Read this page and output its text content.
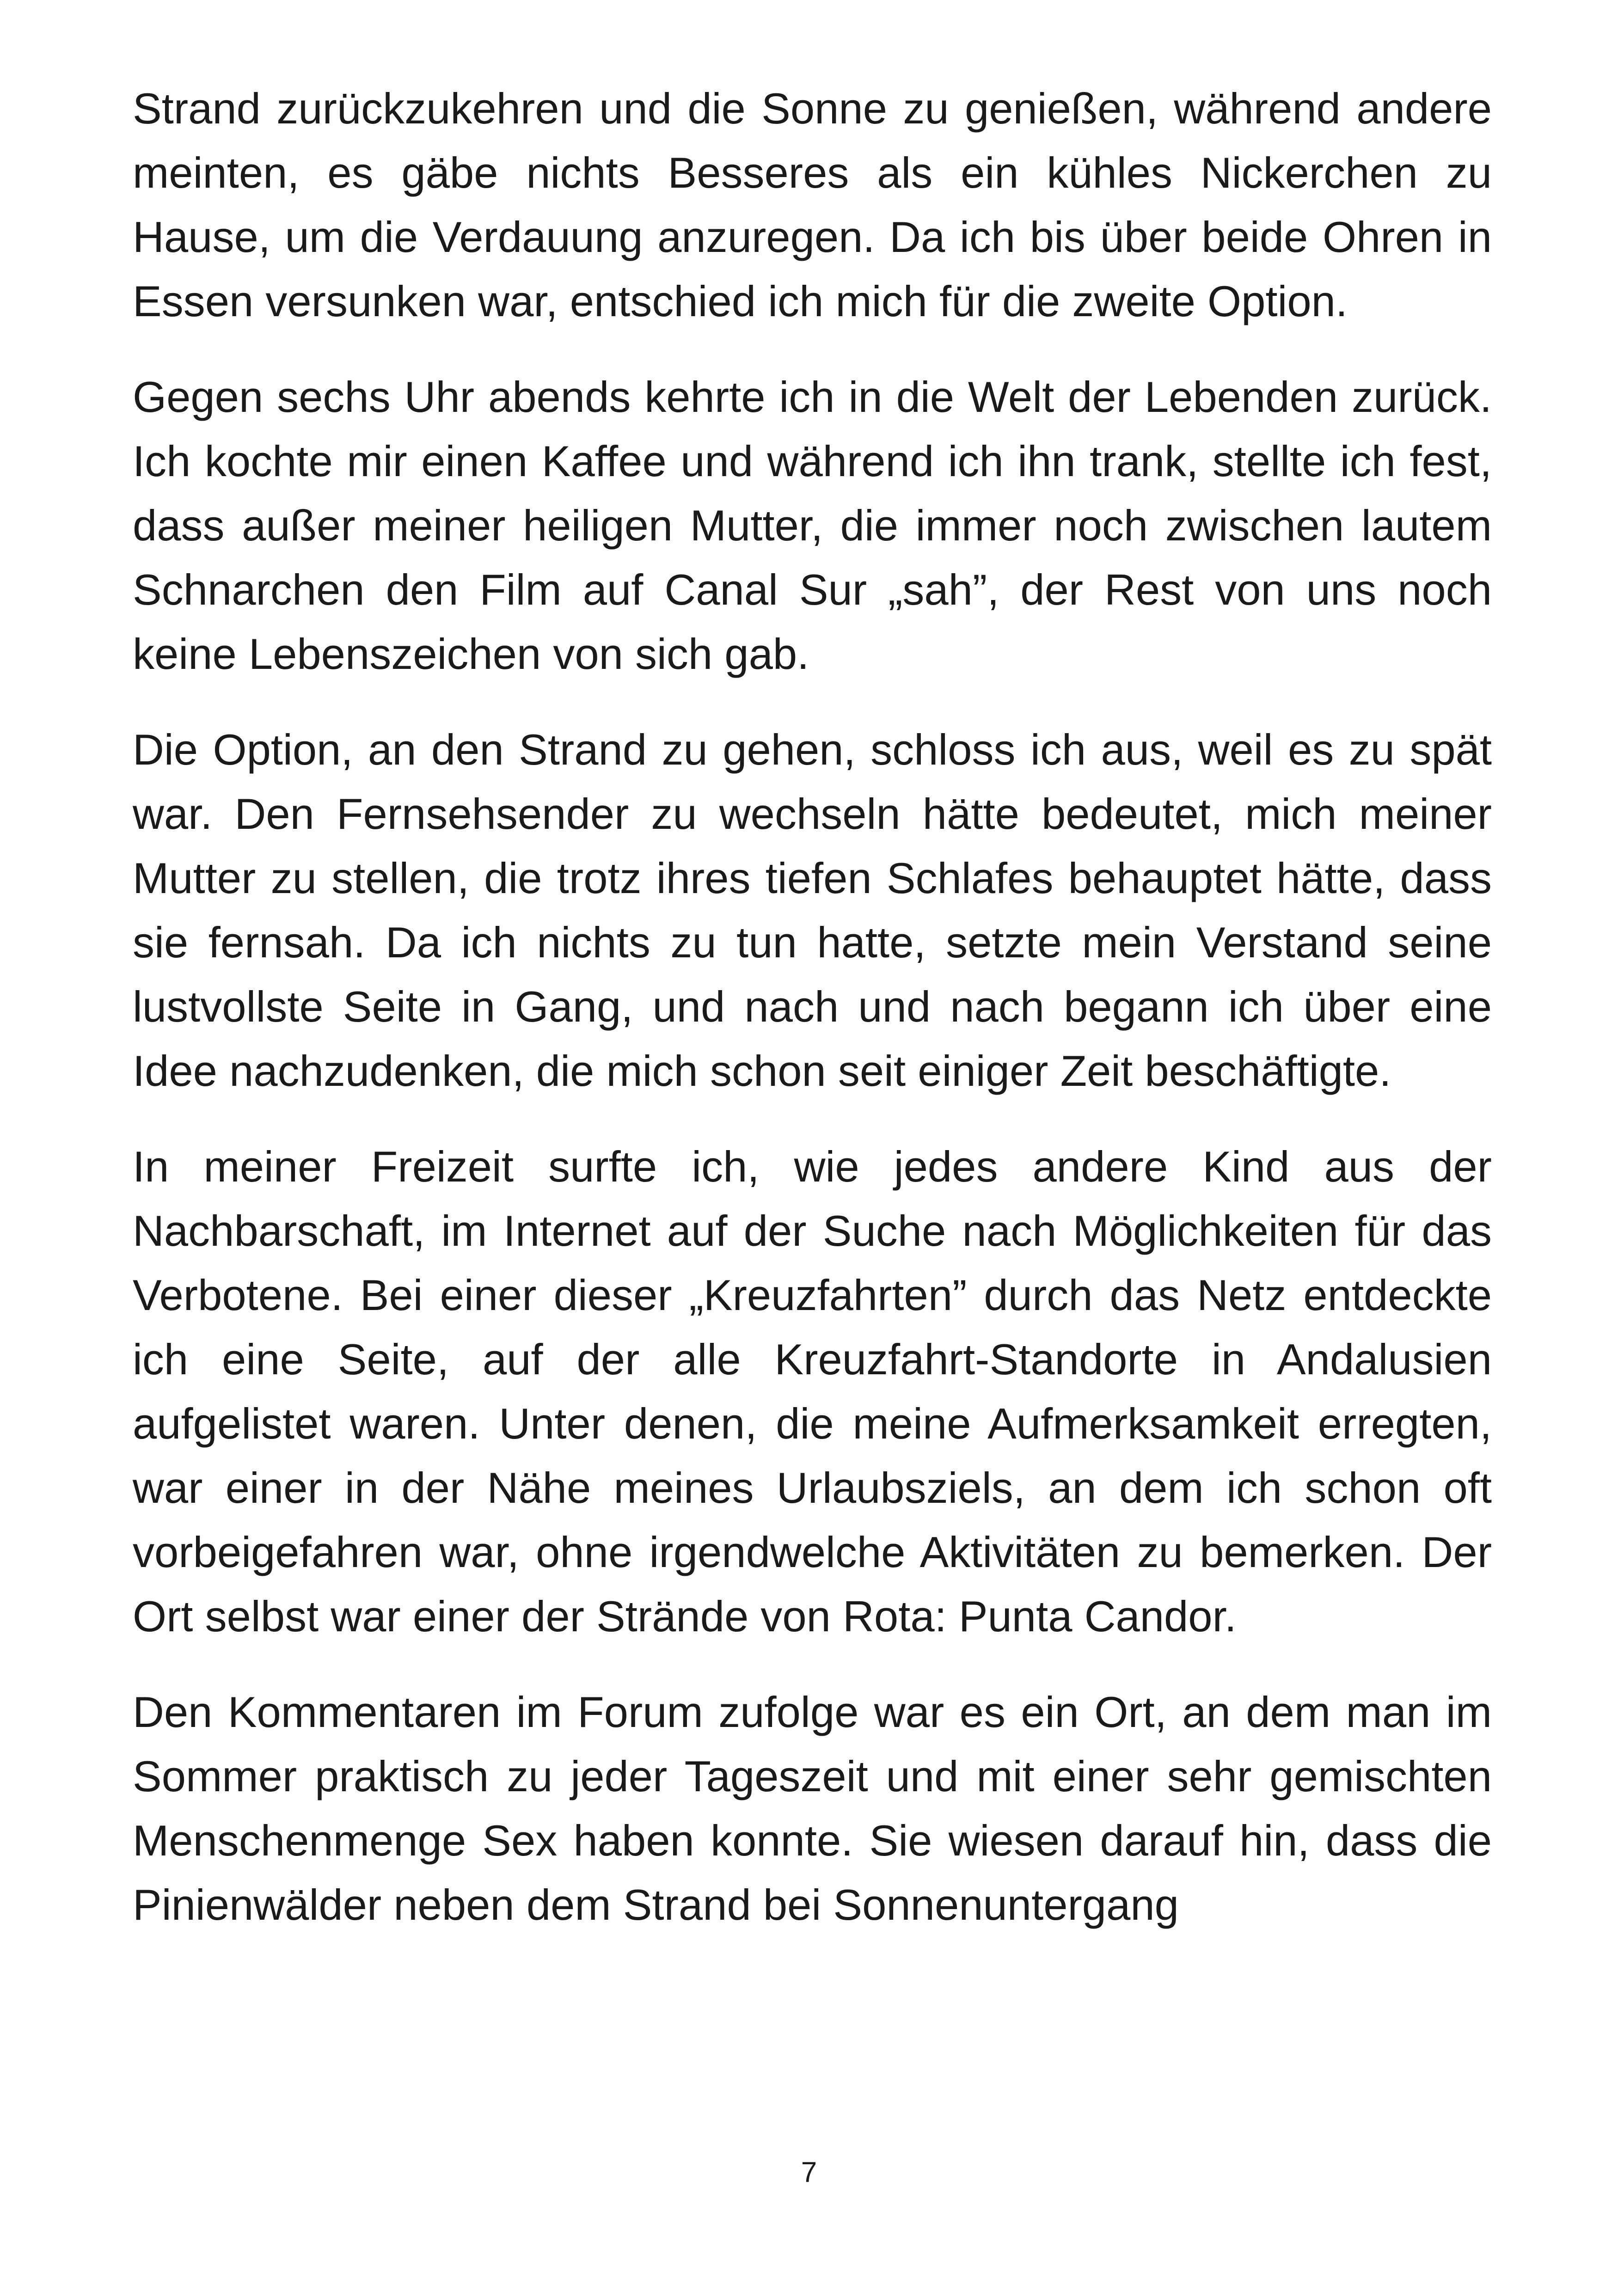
Strand zurückzukehren und die Sonne zu genießen, während andere meinten, es gäbe nichts Besseres als ein kühles Nickerchen zu Hause, um die Verdauung anzuregen. Da ich bis über beide Ohren in Essen versunken war, entschied ich mich für die zweite Option.

Gegen sechs Uhr abends kehrte ich in die Welt der Lebenden zurück. Ich kochte mir einen Kaffee und während ich ihn trank, stellte ich fest, dass außer meiner heiligen Mutter, die immer noch zwischen lautem Schnarchen den Film auf Canal Sur „sah”, der Rest von uns noch keine Lebenszeichen von sich gab.

Die Option, an den Strand zu gehen, schloss ich aus, weil es zu spät war. Den Fernsehsender zu wechseln hätte bedeutet, mich meiner Mutter zu stellen, die trotz ihres tiefen Schlafes behauptet hätte, dass sie fernsah. Da ich nichts zu tun hatte, setzte mein Verstand seine lustvollste Seite in Gang, und nach und nach begann ich über eine Idee nachzudenken, die mich schon seit einiger Zeit beschäftigte.

In meiner Freizeit surfte ich, wie jedes andere Kind aus der Nachbarschaft, im Internet auf der Suche nach Möglichkeiten für das Verbotene. Bei einer dieser „Kreuzfahrten” durch das Netz entdeckte ich eine Seite, auf der alle Kreuzfahrt-Standorte in Andalusien aufgelistet waren. Unter denen, die meine Aufmerksamkeit erregten, war einer in der Nähe meines Urlaubsziels, an dem ich schon oft vorbeigefahren war, ohne irgendwelche Aktivitäten zu bemerken. Der Ort selbst war einer der Strände von Rota: Punta Candor.

Den Kommentaren im Forum zufolge war es ein Ort, an dem man im Sommer praktisch zu jeder Tageszeit und mit einer sehr gemischten Menschenmenge Sex haben konnte. Sie wiesen darauf hin, dass die Pinienwälder neben dem Strand bei Sonnenuntergang

7
